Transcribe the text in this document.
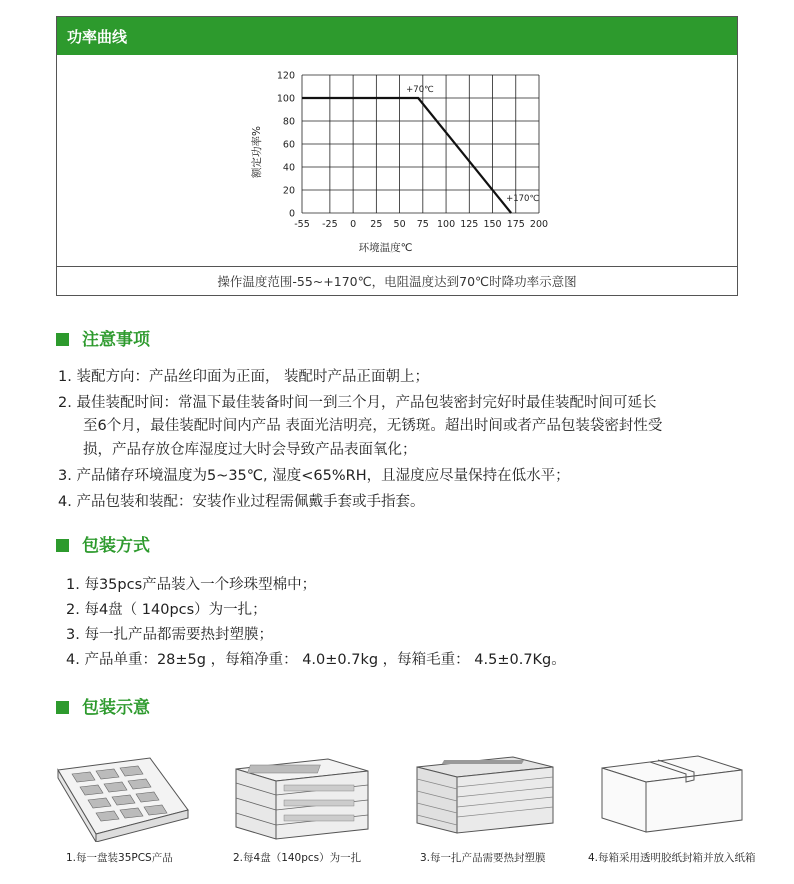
功率曲线
-55 -25 0 25 50 75 100 125 150 175 200
0
20
40
60
80
100
120
环境温度℃
额定功率%
+70℃
+170℃
操作温度范围-55~+170℃，电阻温度达到70℃时降功率示意图
注意事项
1. 装配方向：产品丝印面为正面， 装配时产品正面朝上；
2. 最佳装配时间：常温下最佳装备时间一到三个月，产品包装密封完好时最佳装配时间可延长
至6个月，最佳装配时间内产品 表面光洁明亮，无锈斑。超出时间或者产品包装袋密封性受
损，产品存放仓库湿度过大时会导致产品表面氧化；
3. 产品储存环境温度为5~35℃, 湿度<65%RH，且湿度应尽量保持在低水平；
4. 产品包装和装配：安装作业过程需佩戴手套或手指套。
包装方式
1. 每35pcs产品装入一个珍珠型棉中；
2. 每4盘（ 140pcs）为一扎；
3. 每一扎产品都需要热封塑膜；
4. 产品单重：28±5g ，每箱净重： 4.0±0.7kg ，每箱毛重： 4.5±0.7Kg。
包装示意
1.每一盘装35PCS产品	2.每4盘（140pcs）为一扎	3.每一扎产品需要热封塑膜	4.每箱采用透明胶纸封箱并放入纸箱
